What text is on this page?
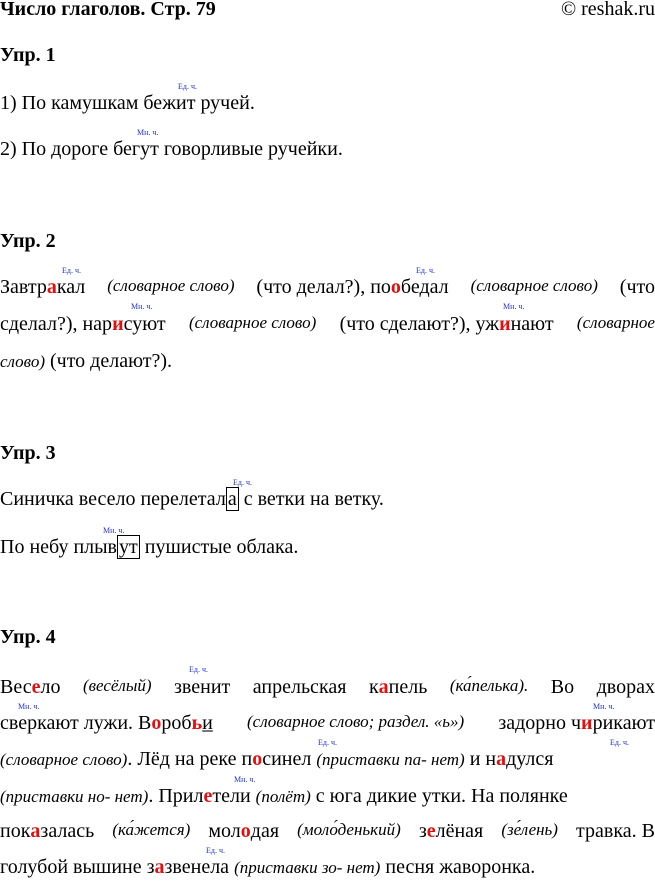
Число глаголов. Стр. 79	© reshak.ru
Упр. 1
Ед. ч.
1) По камушкам бежит ручей.
Мн. ч.
2) По дороге бегут говорливые ручейки.
Упр. 2
Ед. ч.	Ед. ч.
Завтракал (словарное слово) (что делал?), пообедал (словарное слово) (что
Мн. ч.	Мн. ч.
сделал?), нарисуют (словарное слово) (что сделают?), ужинают (словарное
слово) (что делают?).
Упр. 3
Ед. ч.
Синичка весело перелетал а с ветки на ветку.
Мн. ч.
По небу плыв ут пушистые облака.
Упр. 4
Ед. ч.
Весело (весёлый) звенит апрельская капель (ка́пелька). Во дворах
Мн. ч.	Мн. ч.
сверкают лужи. Воробьи (словарное слово; раздел. «ь») задорно чирикают
Ед. ч.	Ед. ч.
(словарное слово). Лёд на реке посинел (приставки па- нет) и надулся
Мн. ч.
(приставки но- нет). Прилетели (полёт) с юга дикие утки. На полянке
показалась (ка́жется) молодая (моло́денький) зелёная (зе́лень) травка. В
Ед. ч.
голубой вышине зазвенела (приставки зо- нет) песня жаворонка.
